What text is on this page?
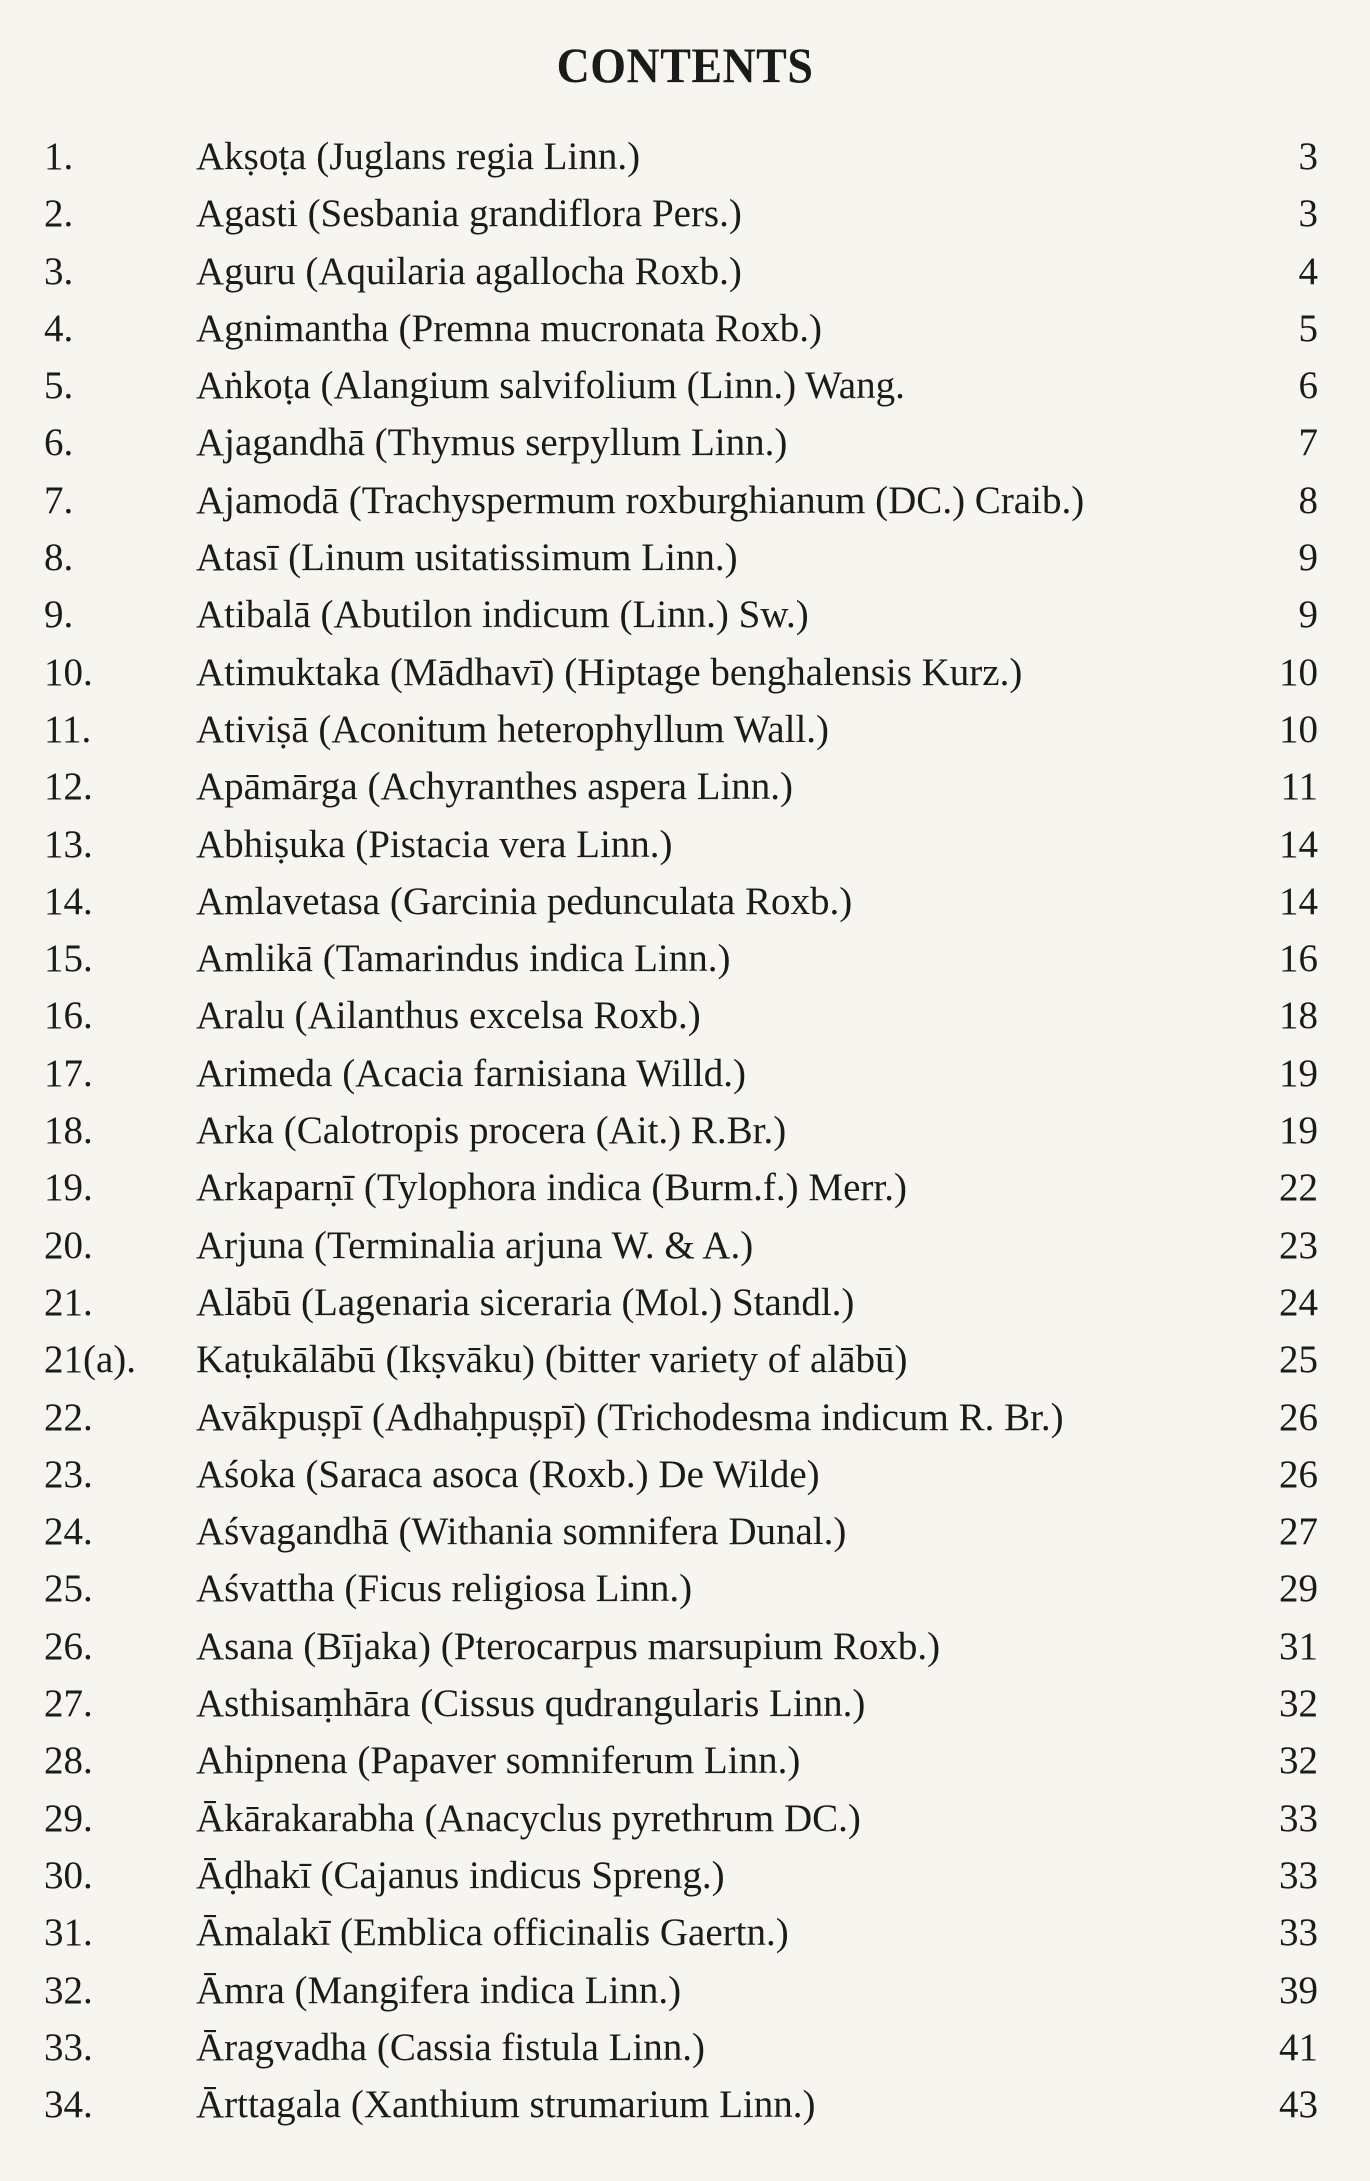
CONTENTS
1.	Akṣoṭa (Juglans regia Linn.)	3
2.	Agasti (Sesbania grandiflora Pers.)	3
3.	Aguru (Aquilaria agallocha Roxb.)	4
4.	Agnimantha (Premna mucronata Roxb.)	5
5.	Aṅkoṭa (Alangium salvifolium (Linn.) Wang.	6
6.	Ajagandhā (Thymus serpyllum Linn.)	7
7.	Ajamodā (Trachyspermum roxburghianum (DC.) Craib.)	8
8.	Atasī (Linum usitatissimum Linn.)	9
9.	Atibalā (Abutilon indicum (Linn.) Sw.)	9
10.	Atimuktaka (Mādhavī) (Hiptage benghalensis Kurz.)	10
11.	Ativiṣā (Aconitum heterophyllum Wall.)	10
12.	Apāmārga (Achyranthes aspera Linn.)	11
13.	Abhiṣuka (Pistacia vera Linn.)	14
14.	Amlavetasa (Garcinia pedunculata Roxb.)	14
15.	Amlikā (Tamarindus indica Linn.)	16
16.	Aralu (Ailanthus excelsa Roxb.)	18
17.	Arimeda (Acacia farnisiana Willd.)	19
18.	Arka (Calotropis procera (Ait.) R.Br.)	19
19.	Arkaparṇī (Tylophora indica (Burm.f.) Merr.)	22
20.	Arjuna (Terminalia arjuna W. & A.)	23
21.	Alābū (Lagenaria siceraria (Mol.) Standl.)	24
21(a).	Kaṭukālābū (Ikṣvāku) (bitter variety of alābū)	25
22.	Avākpuṣpī (Adhaḥpuṣpī) (Trichodesma indicum R. Br.)	26
23.	Aśoka (Saraca asoca (Roxb.) De Wilde)	26
24.	Aśvagandhā (Withania somnifera Dunal.)	27
25.	Aśvattha (Ficus religiosa Linn.)	29
26.	Asana (Bījaka) (Pterocarpus marsupium Roxb.)	31
27.	Asthisaṃhāra (Cissus qudrangularis Linn.)	32
28.	Ahipnena (Papaver somniferum Linn.)	32
29.	Ākārakarabha (Anacyclus pyrethrum DC.)	33
30.	Āḍhakī (Cajanus indicus Spreng.)	33
31.	Āmalakī (Emblica officinalis Gaertn.)	33
32.	Āmra (Mangifera indica Linn.)	39
33.	Āragvadha (Cassia fistula Linn.)	41
34.	Ārttagala (Xanthium strumarium Linn.)	43
